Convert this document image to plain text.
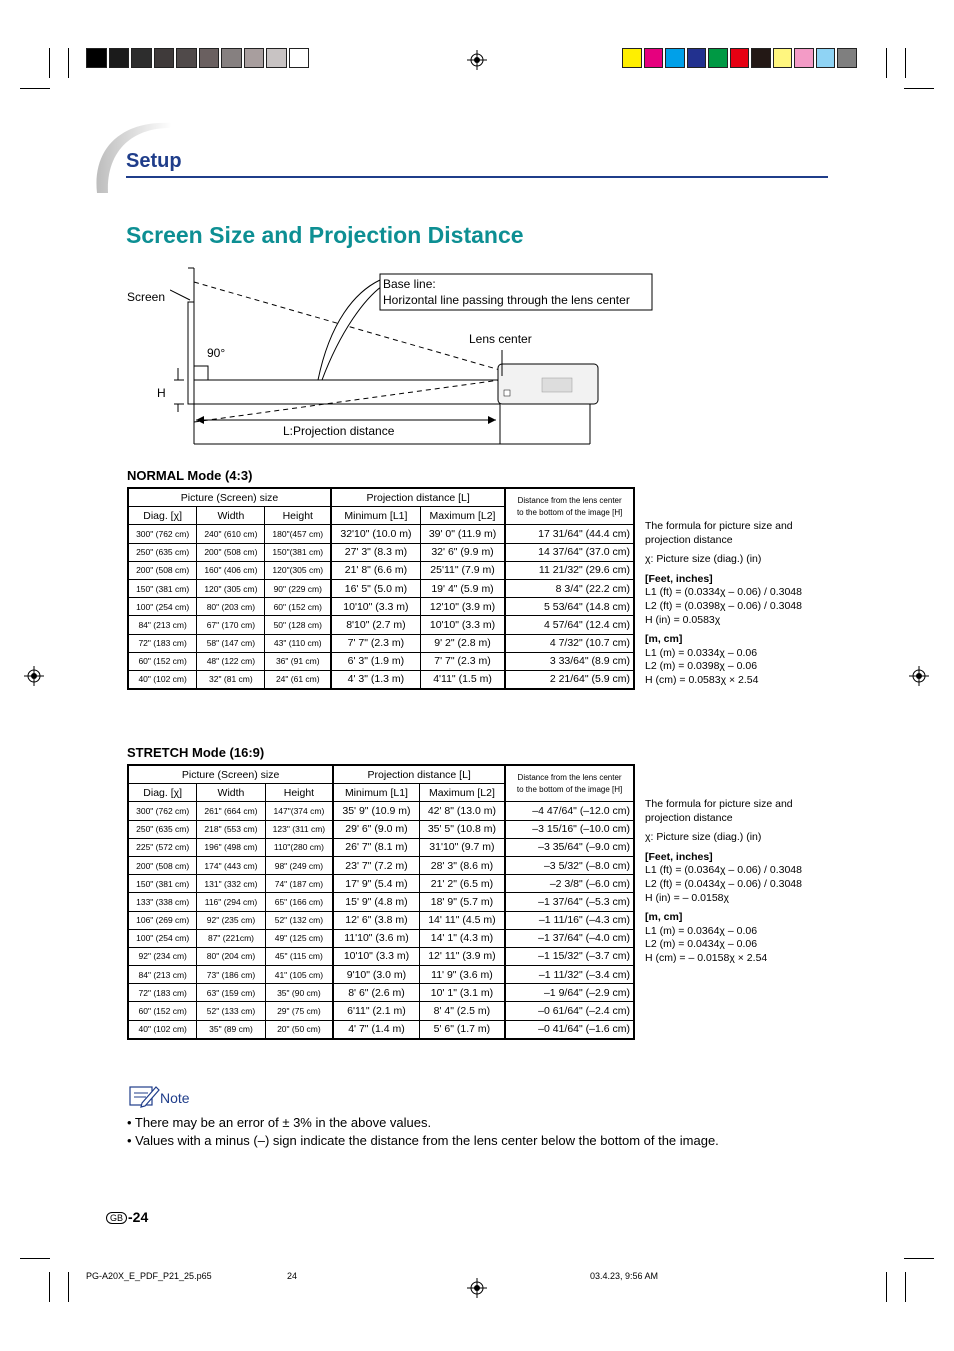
Setup
Screen Size and Projection Distance
Screen
Base line:
Horizontal line passing through the lens center
Lens center
90°
H
L:Projection distance
NORMAL Mode (4:3)
Picture (Screen) size			Projection distance [L]		Distance from the lens center
to the bottom of the image [H]
Diag. [χ]	Width	Height	Minimum [L1]	Maximum [L2]	
300" (762 cm)	240" (610 cm)	180"(457 cm)	32'10" (10.0 m)	39' 0" (11.9 m)	17 31/64" (44.4 cm)
250" (635 cm)	200" (508 cm)	150"(381 cm)	27' 3" (8.3 m)	32' 6" (9.9 m)	14 37/64" (37.0 cm)
200" (508 cm)	160" (406 cm)	120"(305 cm)	21' 8" (6.6 m)	25'11" (7.9 m)	11 21/32" (29.6 cm)
150" (381 cm)	120" (305 cm)	90" (229 cm)	16' 5" (5.0 m)	19' 4" (5.9 m)	8 3/4" (22.2 cm)
100" (254 cm)	80" (203 cm)	60" (152 cm)	10'10" (3.3 m)	12'10" (3.9 m)	5 53/64" (14.8 cm)
84" (213 cm)	67" (170 cm)	50" (128 cm)	8'10" (2.7 m)	10'10" (3.3 m)	4 57/64" (12.4 cm)
72" (183 cm)	58" (147 cm)	43" (110 cm)	7' 7" (2.3 m)	9' 2" (2.8 m)	4 7/32" (10.7 cm)
60" (152 cm)	48" (122 cm)	36" (91 cm)	6' 3" (1.9 m)	7' 7" (2.3 m)	3 33/64" (8.9 cm)
40" (102 cm)	32" (81 cm)	24" (61 cm)	4' 3" (1.3 m)	4'11" (1.5 m)	2 21/64" (5.9 cm)
The formula for picture size and
projection distance
χ: Picture size (diag.) (in)
[Feet, inches]
L1 (ft) = (0.0334χ – 0.06) / 0.3048
L2 (ft) = (0.0398χ – 0.06) / 0.3048
H (in) = 0.0583χ
[m, cm]
L1 (m) = 0.0334χ – 0.06
L2 (m) = 0.0398χ – 0.06
H (cm) = 0.0583χ × 2.54
STRETCH Mode (16:9)
Picture (Screen) size			Projection distance [L]		Distance from the lens center
to the bottom of the image [H]
Diag. [χ]	Width	Height	Minimum [L1]	Maximum [L2]	
300" (762 cm)	261" (664 cm)	147"(374 cm)	35' 9" (10.9 m)	42' 8" (13.0 m)	–4 47/64" (–12.0 cm)
250" (635 cm)	218" (553 cm)	123" (311 cm)	29' 6" (9.0 m)	35' 5" (10.8 m)	–3 15/16" (–10.0 cm)
225" (572 cm)	196" (498 cm)	110"(280 cm)	26' 7" (8.1 m)	31'10" (9.7 m)	–3 35/64" (–9.0 cm)
200" (508 cm)	174" (443 cm)	98" (249 cm)	23' 7" (7.2 m)	28' 3" (8.6 m)	–3 5/32" (–8.0 cm)
150" (381 cm)	131" (332 cm)	74" (187 cm)	17' 9" (5.4 m)	21' 2" (6.5 m)	–2 3/8" (–6.0 cm)
133" (338 cm)	116" (294 cm)	65" (166 cm)	15' 9" (4.8 m)	18' 9" (5.7 m)	–1 37/64" (–5.3 cm)
106" (269 cm)	92" (235 cm)	52" (132 cm)	12' 6" (3.8 m)	14' 11" (4.5 m)	–1 11/16" (–4.3 cm)
100" (254 cm)	87" (221cm)	49" (125 cm)	11'10" (3.6 m)	14' 1" (4.3 m)	–1 37/64" (–4.0 cm)
92" (234 cm)	80" (204 cm)	45" (115 cm)	10'10" (3.3 m)	12' 11" (3.9 m)	–1 15/32" (–3.7 cm)
84" (213 cm)	73" (186 cm)	41" (105 cm)	9'10" (3.0 m)	11' 9" (3.6 m)	–1 11/32" (–3.4 cm)
72" (183 cm)	63" (159 cm)	35" (90 cm)	8' 6" (2.6 m)	10' 1" (3.1 m)	–1 9/64" (–2.9 cm)
60" (152 cm)	52" (133 cm)	29" (75 cm)	6'11" (2.1 m)	8' 4" (2.5 m)	–0 61/64" (–2.4 cm)
40" (102 cm)	35" (89 cm)	20" (50 cm)	4' 7" (1.4 m)	5' 6" (1.7 m)	–0 41/64" (–1.6 cm)
The formula for picture size and
projection distance
χ: Picture size (diag.) (in)
[Feet, inches]
L1 (ft) = (0.0364χ – 0.06) / 0.3048
L2 (ft) = (0.0434χ – 0.06) / 0.3048
H (in) = – 0.0158χ
[m, cm]
L1 (m) = 0.0364χ – 0.06
L2 (m) = 0.0434χ – 0.06
H (cm) = – 0.0158χ × 2.54
Note
• There may be an error of ± 3% in the above values.
• Values with a minus (–) sign indicate the distance from the lens center below the bottom of the image.
GB -24
PG-A20X_E_PDF_P21_25.p65	24	03.4.23, 9:56 AM
